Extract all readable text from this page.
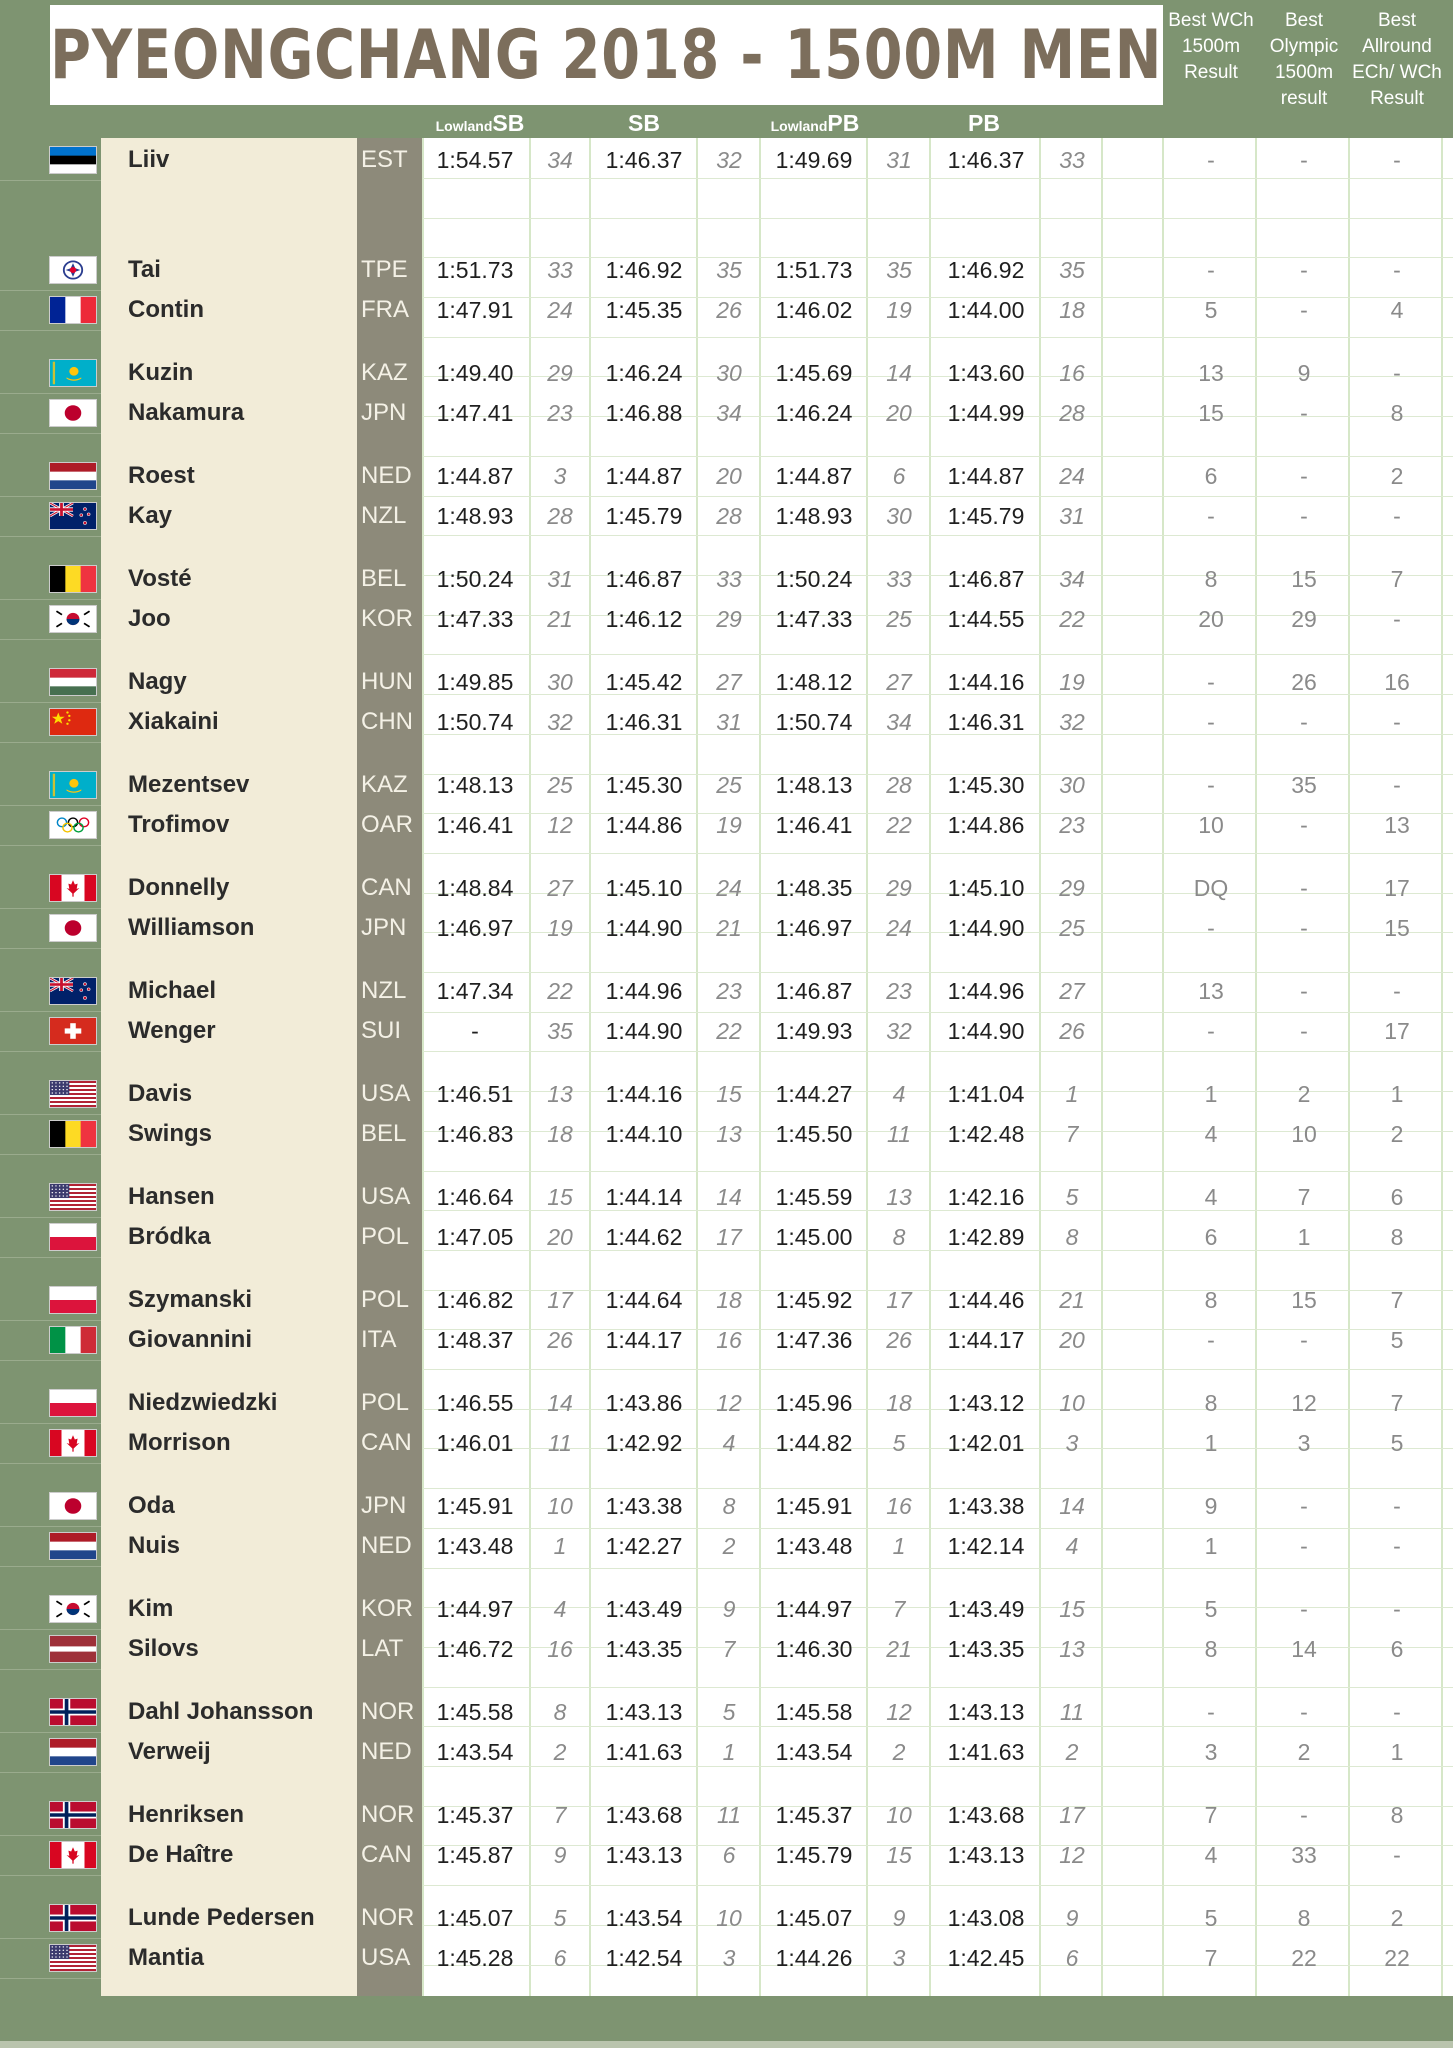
PYEONGCHANG 2018 - 1500M MEN Best WCh 1500m Result
Best Olympic 1500m result
Best Allround ECh/ WCh Result
LowlandSB	SB	LowlandPB	PB
Liiv	EST	1:54.57	34	1:46.37	32	1:49.69	31	1:46.37	33	-	-	-
Tai	TPE	1:51.73	33	1:46.92	35	1:51.73	35	1:46.92	35	-	-	-
Contin	FRA	1:47.91	24	1:45.35	26	1:46.02	19	1:44.00	18	5	-	4
Kuzin	KAZ	1:49.40	29	1:46.24	30	1:45.69	14	1:43.60	16	13	9	-
Nakamura	JPN	1:47.41	23	1:46.88	34	1:46.24	20	1:44.99	28	15	-	8
Roest	NED	1:44.87	3	1:44.87	20	1:44.87	6	1:44.87	24	6	-	2
Kay	NZL	1:48.93	28	1:45.79	28	1:48.93	30	1:45.79	31	-	-	-
Vosté	BEL	1:50.24	31	1:46.87	33	1:50.24	33	1:46.87	34	8	15	7
Joo	KOR	1:47.33	21	1:46.12	29	1:47.33	25	1:44.55	22	20	29	-
Nagy	HUN	1:49.85	30	1:45.42	27	1:48.12	27	1:44.16	19	-	26	16
Xiakaini	CHN	1:50.74	32	1:46.31	31	1:50.74	34	1:46.31	32	-	-	-
Mezentsev	KAZ	1:48.13	25	1:45.30	25	1:48.13	28	1:45.30	30	-	35	-
Trofimov	OAR	1:46.41	12	1:44.86	19	1:46.41	22	1:44.86	23	10	-	13
Donnelly	CAN	1:48.84	27	1:45.10	24	1:48.35	29	1:45.10	29	DQ	-	17
Williamson	JPN	1:46.97	19	1:44.90	21	1:46.97	24	1:44.90	25	-	-	15
Michael	NZL	1:47.34	22	1:44.96	23	1:46.87	23	1:44.96	27	13	-	-
Wenger	SUI	-	35	1:44.90	22	1:49.93	32	1:44.90	26	-	-	17
Davis	USA	1:46.51	13	1:44.16	15	1:44.27	4	1:41.04	1	1	2	1
Swings	BEL	1:46.83	18	1:44.10	13	1:45.50	11	1:42.48	7	4	10	2
Hansen	USA	1:46.64	15	1:44.14	14	1:45.59	13	1:42.16	5	4	7	6
Bródka	POL	1:47.05	20	1:44.62	17	1:45.00	8	1:42.89	8	6	1	8
Szymanski	POL	1:46.82	17	1:44.64	18	1:45.92	17	1:44.46	21	8	15	7
Giovannini	ITA	1:48.37	26	1:44.17	16	1:47.36	26	1:44.17	20	-	-	5
Niedzwiedzki	POL	1:46.55	14	1:43.86	12	1:45.96	18	1:43.12	10	8	12	7
Morrison	CAN	1:46.01	11	1:42.92	4	1:44.82	5	1:42.01	3	1	3	5
Oda	JPN	1:45.91	10	1:43.38	8	1:45.91	16	1:43.38	14	9	-	-
Nuis	NED	1:43.48	1	1:42.27	2	1:43.48	1	1:42.14	4	1	-	-
Kim	KOR	1:44.97	4	1:43.49	9	1:44.97	7	1:43.49	15	5	-	-
Silovs	LAT	1:46.72	16	1:43.35	7	1:46.30	21	1:43.35	13	8	14	6
Dahl Johansson NOR 1:45.58	8	1:43.13	5	1:45.58	12	1:43.13	11	-	-	-
Verweij	NED	1:43.54	2	1:41.63	1	1:43.54	2	1:41.63	2	3	2	1
Henriksen	NOR 1:45.37	7	1:43.68	11	1:45.37	10	1:43.68	17	7	-	8
De Haître	CAN	1:45.87	9	1:43.13	6	1:45.79	15	1:43.13	12	4	33	-
Lunde Pedersen NOR 1:45.07	5	1:43.54	10	1:45.07	9	1:43.08	9	5	8	2
Mantia	USA	1:45.28	6	1:42.54	3	1:44.26	3	1:42.45	6	7	22	22
